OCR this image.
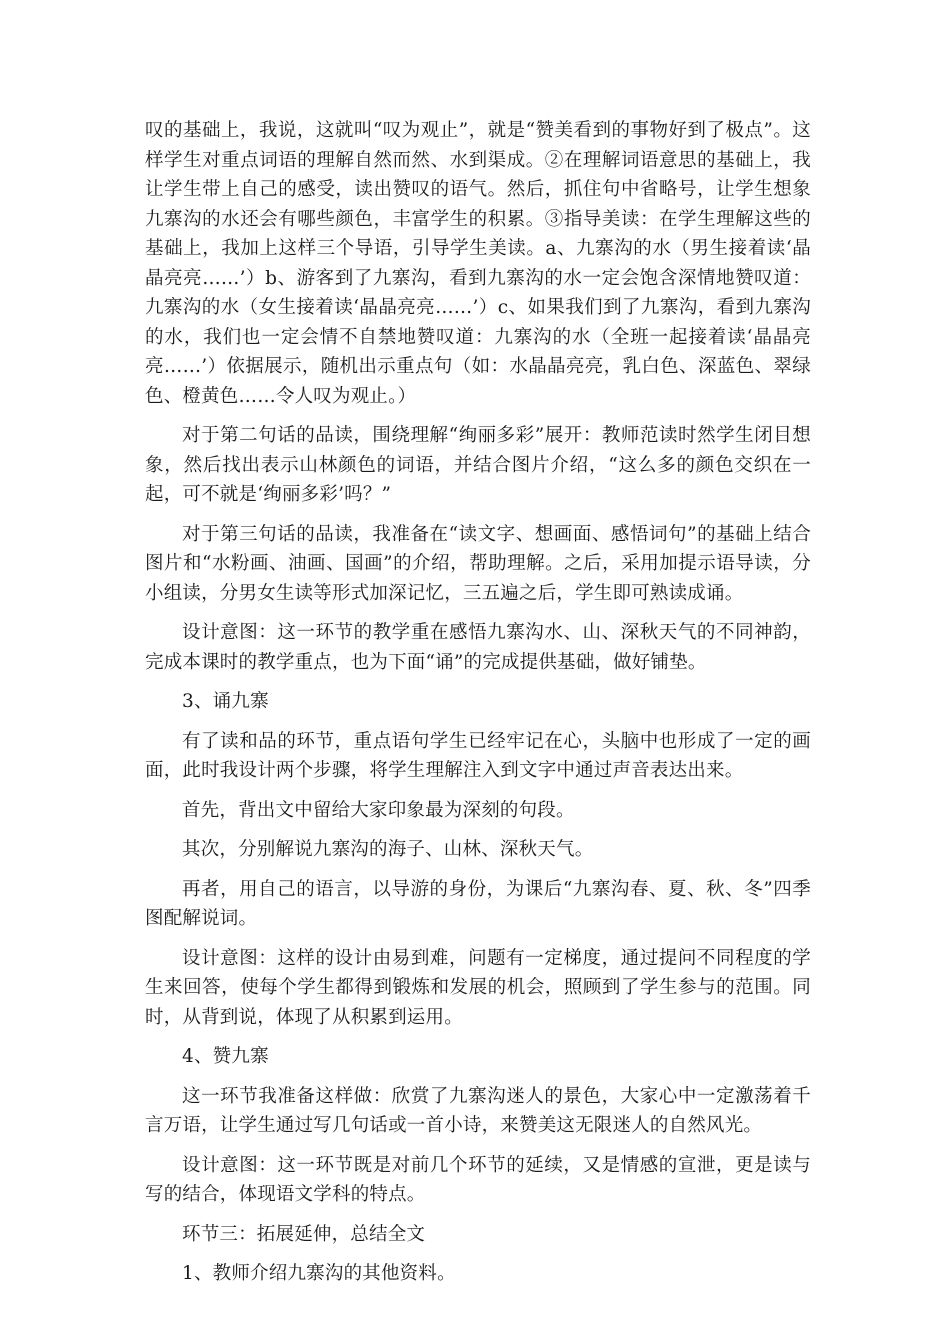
叹的基础上，我说，这就叫“叹为观止”，就是“赞美看到的事物好到了极点”。这样学生对重点词语的理解自然而然、水到渠成。②在理解词语意思的基础上，我让学生带上自己的感受，读出赞叹的语气。然后，抓住句中省略号，让学生想象九寨沟的水还会有哪些颜色，丰富学生的积累。③指导美读：在学生理解这些的基础上，我加上这样三个导语，引导学生美读。a、九寨沟的水（男生接着读‘晶晶亮亮……’）b、游客到了九寨沟，看到九寨沟的水一定会饱含深情地赞叹道：九寨沟的水（女生接着读‘晶晶亮亮……’）c、如果我们到了九寨沟，看到九寨沟的水，我们也一定会情不自禁地赞叹道：九寨沟的水（全班一起接着读‘晶晶亮亮……’）依据展示，随机出示重点句（如：水晶晶亮亮，乳白色、深蓝色、翠绿色、橙黄色……令人叹为观止。）

对于第二句话的品读，围绕理解“绚丽多彩”展开：教师范读时然学生闭目想象，然后找出表示山林颜色的词语，并结合图片介绍，“这么多的颜色交织在一起，可不就是‘绚丽多彩’吗？”

对于第三句话的品读，我准备在“读文字、想画面、感悟词句”的基础上结合图片和“水粉画、油画、国画”的介绍，帮助理解。之后，采用加提示语导读，分小组读，分男女生读等形式加深记忆，三五遍之后，学生即可熟读成诵。

设计意图：这一环节的教学重在感悟九寨沟水、山、深秋天气的不同神韵，完成本课时的教学重点，也为下面“诵”的完成提供基础，做好铺垫。

3、诵九寨

有了读和品的环节，重点语句学生已经牢记在心，头脑中也形成了一定的画面，此时我设计两个步骤，将学生理解注入到文字中通过声音表达出来。

首先，背出文中留给大家印象最为深刻的句段。

其次，分别解说九寨沟的海子、山林、深秋天气。

再者，用自己的语言，以导游的身份，为课后“九寨沟春、夏、秋、冬”四季图配解说词。

设计意图：这样的设计由易到难，问题有一定梯度，通过提问不同程度的学生来回答，使每个学生都得到锻炼和发展的机会，照顾到了学生参与的范围。同时，从背到说，体现了从积累到运用。

4、赞九寨

这一环节我准备这样做：欣赏了九寨沟迷人的景色，大家心中一定激荡着千言万语，让学生通过写几句话或一首小诗，来赞美这无限迷人的自然风光。

设计意图：这一环节既是对前几个环节的延续，又是情感的宣泄，更是读与写的结合，体现语文学科的特点。

环节三：拓展延伸，总结全文

1、教师介绍九寨沟的其他资料。
